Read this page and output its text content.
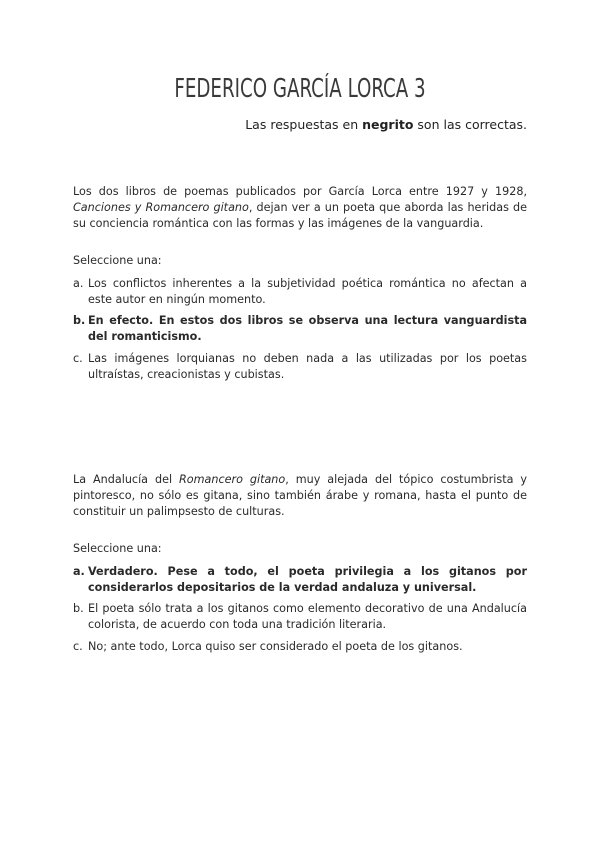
FEDERICO GARCÍA LORCA 3
Las respuestas en negrito son las correctas.
Los dos libros de poemas publicados por García Lorca entre 1927 y 1928, Canciones y Romancero gitano, dejan ver a un poeta que aborda las heridas de su conciencia romántica con las formas y las imágenes de la vanguardia.
Seleccione una:
a. Los conflictos inherentes a la subjetividad poética romántica no afectan a este autor en ningún momento.
b. En efecto. En estos dos libros se observa una lectura vanguardista del romanticismo.
c. Las imágenes lorquianas no deben nada a las utilizadas por los poetas ultraístas, creacionistas y cubistas.
La Andalucía del Romancero gitano, muy alejada del tópico costumbrista y pintoresco, no sólo es gitana, sino también árabe y romana, hasta el punto de constituir un palimpsesto de culturas.
Seleccione una:
a. Verdadero. Pese a todo, el poeta privilegia a los gitanos por considerarlos depositarios de la verdad andaluza y universal.
b. El poeta sólo trata a los gitanos como elemento decorativo de una Andalucía colorista, de acuerdo con toda una tradición literaria.
c. No; ante todo, Lorca quiso ser considerado el poeta de los gitanos.
